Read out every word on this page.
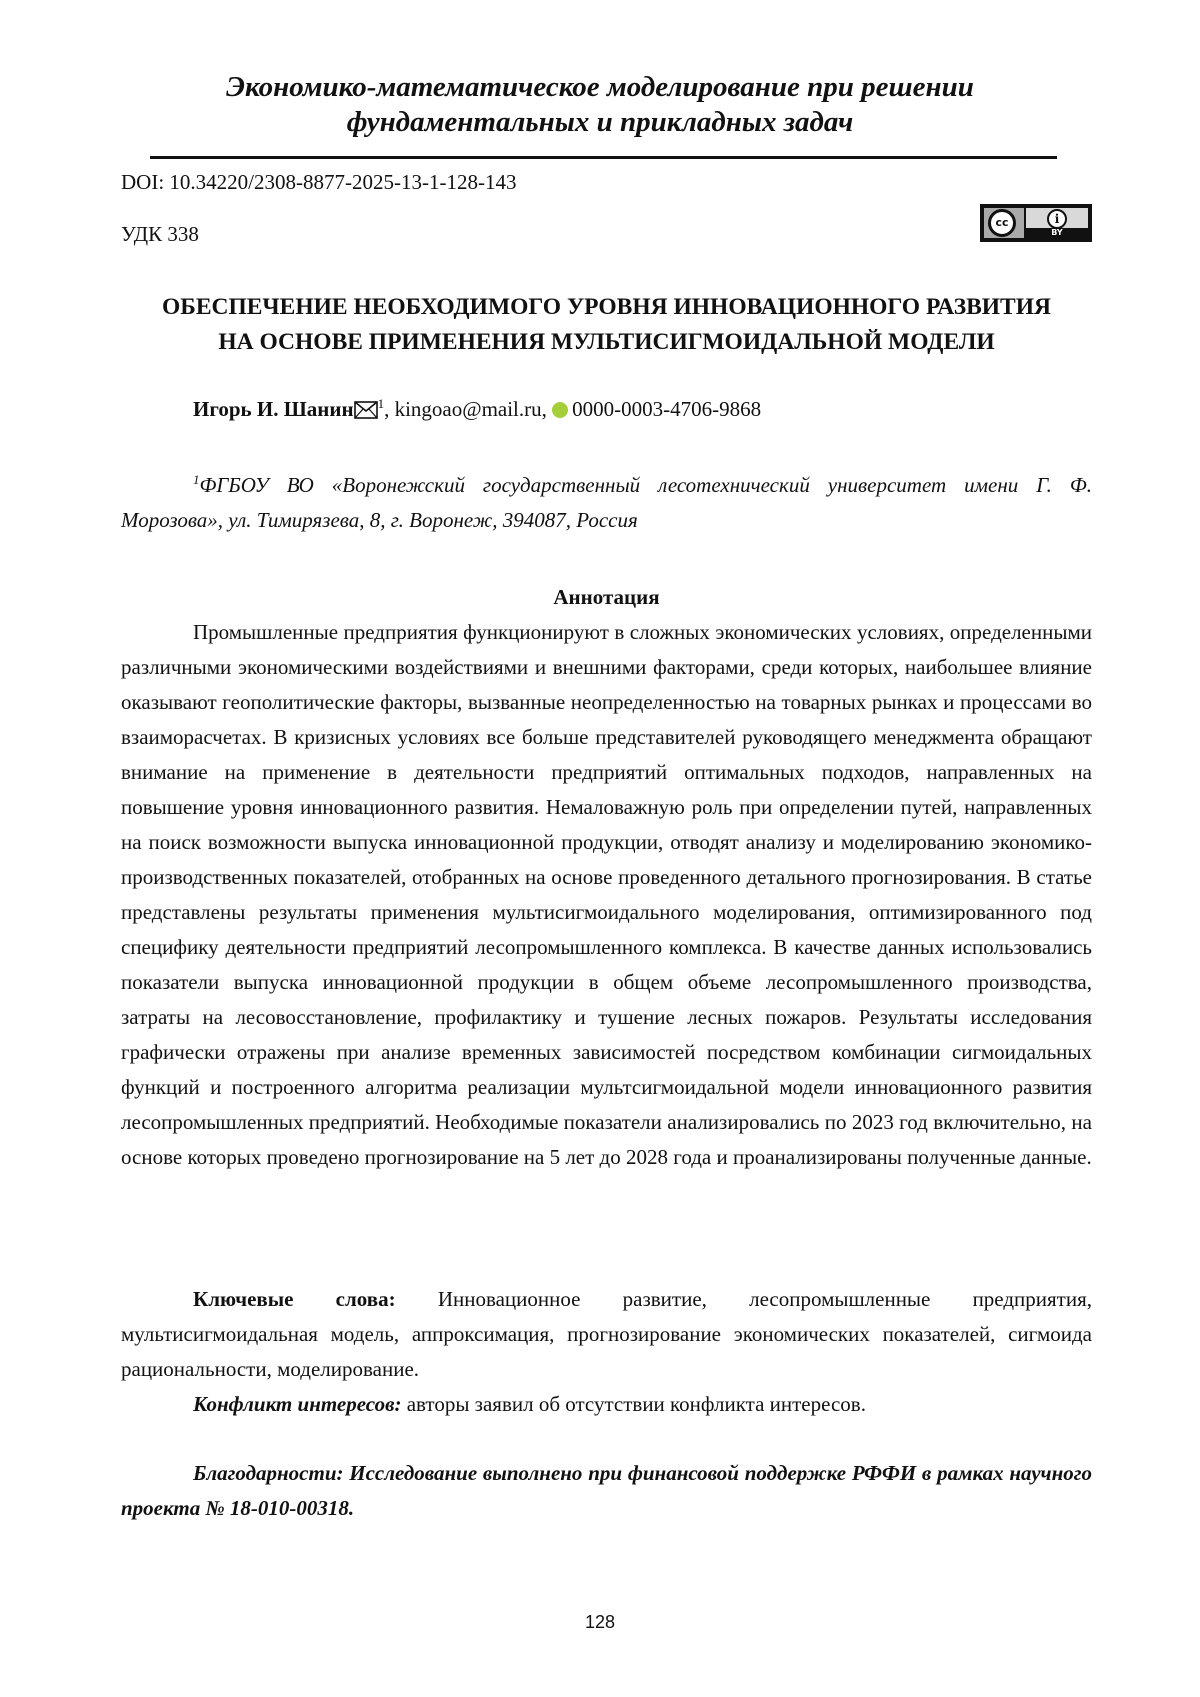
Экономико-математическое моделирование при решении
фундаментальных и прикладных задач
DOI: 10.34220/2308-8877-2025-13-1-128-143
УДК 338	cc	i
BY
ОБЕСПЕЧЕНИЕ НЕОБХОДИМОГО УРОВНЯ ИННОВАЦИОННОГО РАЗВИТИЯ
НА ОСНОВЕ ПРИМЕНЕНИЯ МУЛЬТИСИГМОИДАЛЬНОЙ МОДЕЛИ
Игорь И. Шанин $^1$, kingoao@mail.ru, 0000-0003-4706-9868
$^1$ФГБОУ ВО «Воронежский государственный лесотехнический университет имени Г. Ф. Морозова», ул. Тимирязева, 8, г. Воронеж, 394087, Россия
Аннотация

Промышленные предприятия функционируют в сложных экономических условиях, определенными различными экономическими воздействиями и внешними факторами, среди которых, наибольшее влияние оказывают геополитические факторы, вызванные неопределенностью на товарных рынках и процессами во взаиморасчетах. В кризисных условиях все больше представителей руководящего менеджмента обращают внимание на применение в деятельности предприятий оптимальных подходов, направленных на повышение уровня инновационного развития. Немаловажную роль при определении путей, направленных на поиск возможности выпуска инновационной продукции, отводят анализу и моделированию экономико-производственных показателей, отобранных на основе проведенного детального прогнозирования. В статье представлены результаты применения мультисигмоидального моделирования, оптимизированного под специфику деятельности предприятий лесопромышленного комплекса. В качестве данных использовались показатели выпуска инновационной продукции в общем объеме лесопромышленного производства, затраты на лесовосстановление, профилактику и тушение лесных пожаров. Результаты исследования графически отражены при анализе временных зависимостей посредством комбинации сигмоидальных функций и построенного алгоритма реализации мультсигмоидальной модели инновационного развития лесопромышленных предприятий. Необходимые показатели анализировались по 2023 год включительно, на основе которых проведено прогнозирование на 5 лет до 2028 года и проанализированы полученные данные.

Ключевые слова: Инновационное развитие, лесопромышленные предприятия, мультисигмоидальная модель, аппроксимация, прогнозирование экономических показателей, сигмоида рациональности, моделирование.

Конфликт интересов: авторы заявил об отсутствии конфликта интересов.

Благодарности: Исследование выполнено при финансовой поддержке РФФИ в рамках научного проекта № 18-010-00318.

128
